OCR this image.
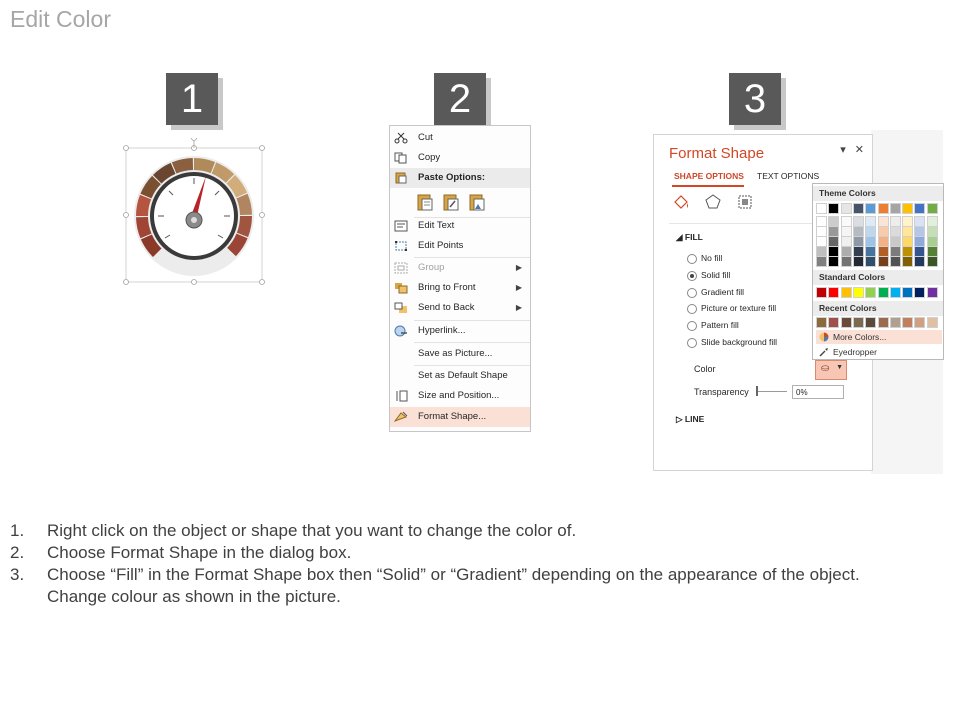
Edit Color
1	2	3
Cut
Copy
Paste Options:
Edit Text
Edit Points
Group	▶
Bring to Front	▶
Send to Back	▶
Hyperlink...
Save as Picture...
Set as Default Shape
Size and Position...
Format Shape...
Format Shape	▾ ✕
SHAPE OPTIONS TEXT OPTIONS
◢ FILL
No fill
Solid fill
Gradient fill
Picture or texture fill
Pattern fill
Slide background fill
Color	⛀ ▼
Transparency	0%
▷ LINE
Theme Colors
Standard Colors
Recent Colors
More Colors...
Eyedropper
1. Right click on the object or shape that you want to change the color of.
2. Choose Format Shape in the dialog box.
3. Choose “Fill” in the Format Shape box then “Solid” or “Gradient” depending on the appearance of the object.
Change colour as shown in the picture.
